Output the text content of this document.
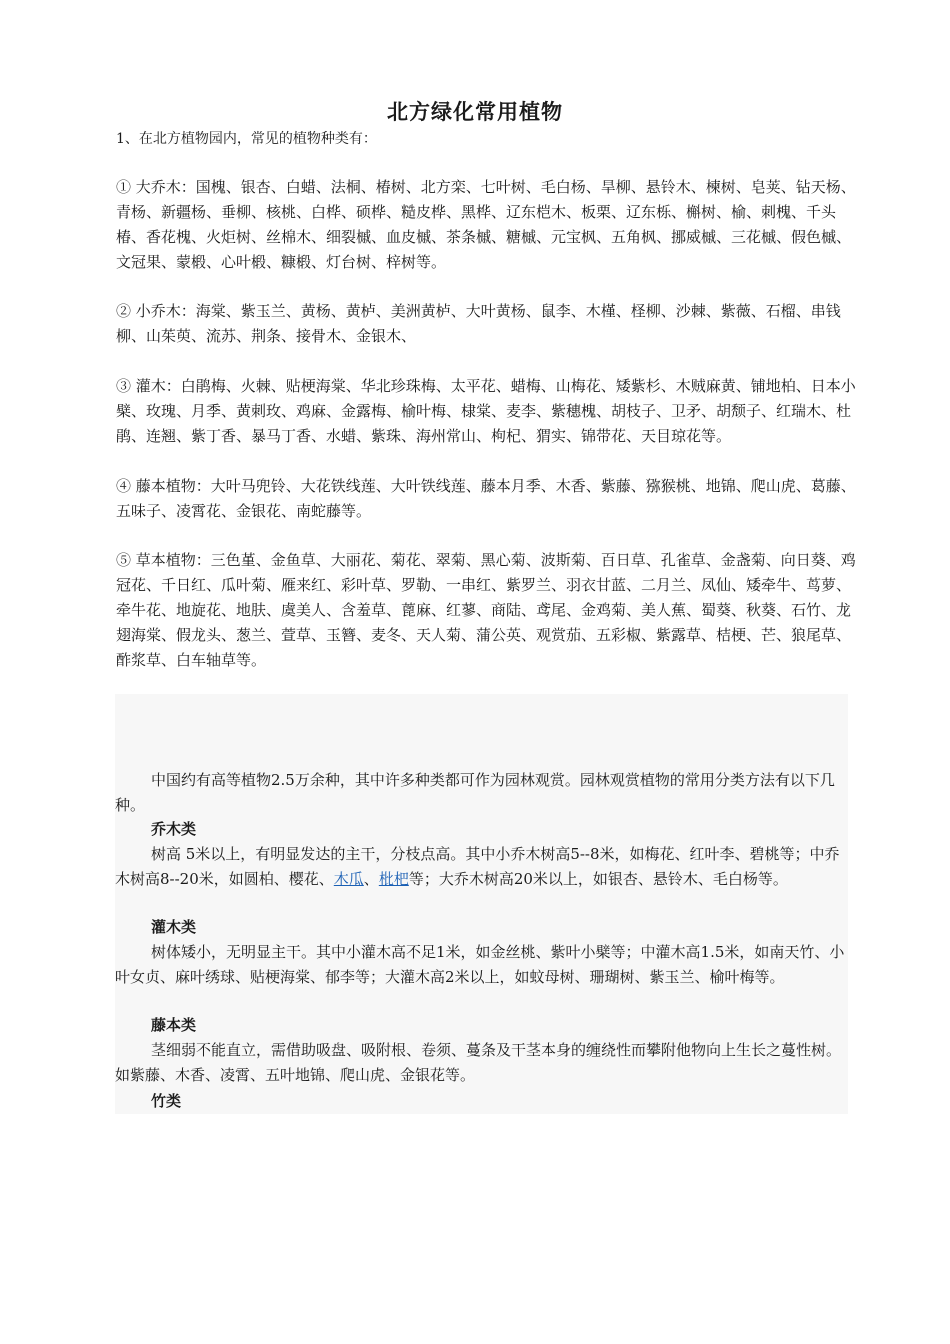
北方绿化常用植物
1、在北方植物园内，常见的植物种类有：

① 大乔木：国槐、银杏、白蜡、法桐、椿树、北方栾、七叶树、毛白杨、旱柳、悬铃木、楝树、皂荚、钻天杨、青杨、新疆杨、垂柳、核桃、白桦、硕桦、糙皮桦、黑桦、辽东桤木、板栗、辽东栎、槲树、榆、刺槐、千头椿、香花槐、火炬树、丝棉木、细裂槭、血皮槭、茶条槭、糖槭、元宝枫、五角枫、挪威槭、三花槭、假色槭、文冠果、蒙椴、心叶椴、糠椴、灯台树、梓树等。

② 小乔木：海棠、紫玉兰、黄杨、黄栌、美洲黄栌、大叶黄杨、鼠李、木槿、柽柳、沙棘、紫薇、石榴、串钱柳、山茱萸、流苏、荆条、接骨木、金银木、

③ 灌木：白鹃梅、火棘、贴梗海棠、华北珍珠梅、太平花、蜡梅、山梅花、矮紫杉、木贼麻黄、铺地柏、日本小檗、玫瑰、月季、黄刺玫、鸡麻、金露梅、榆叶梅、棣棠、麦李、紫穗槐、胡枝子、卫矛、胡颓子、红瑞木、杜鹃、连翘、紫丁香、暴马丁香、水蜡、紫珠、海州常山、枸杞、猬实、锦带花、天目琼花等。

④ 藤本植物：大叶马兜铃、大花铁线莲、大叶铁线莲、藤本月季、木香、紫藤、猕猴桃、地锦、爬山虎、葛藤、五味子、凌霄花、金银花、南蛇藤等。

⑤ 草本植物：三色堇、金鱼草、大丽花、菊花、翠菊、黑心菊、波斯菊、百日草、孔雀草、金盏菊、向日葵、鸡冠花、千日红、瓜叶菊、雁来红、彩叶草、罗勒、一串红、紫罗兰、羽衣甘蓝、二月兰、凤仙、矮牵牛、茑萝、牵牛花、地旋花、地肤、虞美人、含羞草、蓖麻、红蓼、商陆、鸢尾、金鸡菊、美人蕉、蜀葵、秋葵、石竹、龙翅海棠、假龙头、葱兰、萱草、玉簪、麦冬、天人菊、蒲公英、观赏茄、五彩椒、紫露草、桔梗、芒、狼尾草、酢浆草、白车轴草等。

中国约有高等植物2.5万余种，其中许多种类都可作为园林观赏。园林观赏植物的常用分类方法有以下几种。

乔木类

树高 5米以上，有明显发达的主干，分枝点高。其中小乔木树高5--8米，如梅花、红叶李、碧桃等；中乔木树高8--20米，如圆柏、樱花、木瓜、枇杷等；大乔木树高20米以上，如银杏、悬铃木、毛白杨等。

灌木类

树体矮小，无明显主干。其中小灌木高不足1米，如金丝桃、紫叶小檗等；中灌木高1.5米，如南天竹、小叶女贞、麻叶绣球、贴梗海棠、郁李等；大灌木高2米以上，如蚊母树、珊瑚树、紫玉兰、榆叶梅等。

藤本类

茎细弱不能直立，需借助吸盘、吸附根、卷须、蔓条及干茎本身的缠绕性而攀附他物向上生长之蔓性树。如紫藤、木香、凌霄、五叶地锦、爬山虎、金银花等。

竹类
